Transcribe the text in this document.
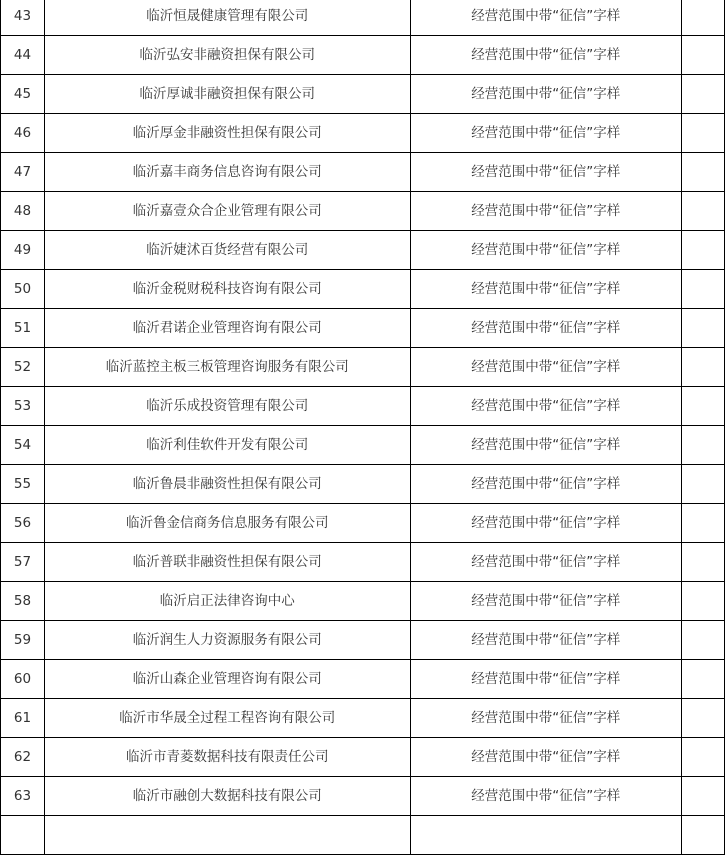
43	临沂恒晟健康管理有限公司	经营范围中带“征信”字样	
44	临沂弘安非融资担保有限公司	经营范围中带“征信”字样	
45	临沂厚诚非融资担保有限公司	经营范围中带“征信”字样	
46	临沂厚金非融资性担保有限公司	经营范围中带“征信”字样	
47	临沂嘉丰商务信息咨询有限公司	经营范围中带“征信”字样	
48	临沂嘉壹众合企业管理有限公司	经营范围中带“征信”字样	
49	临沂婕沭百货经营有限公司	经营范围中带“征信”字样	
50	临沂金税财税科技咨询有限公司	经营范围中带“征信”字样	
51	临沂君诺企业管理咨询有限公司	经营范围中带“征信”字样	
52	临沂蓝控主板三板管理咨询服务有限公司	经营范围中带“征信”字样	
53	临沂乐成投资管理有限公司	经营范围中带“征信”字样	
54	临沂利佳软件开发有限公司	经营范围中带“征信”字样	
55	临沂鲁晨非融资性担保有限公司	经营范围中带“征信”字样	
56	临沂鲁金信商务信息服务有限公司	经营范围中带“征信”字样	
57	临沂普联非融资性担保有限公司	经营范围中带“征信”字样	
58	临沂启正法律咨询中心	经营范围中带“征信”字样	
59	临沂润生人力资源服务有限公司	经营范围中带“征信”字样	
60	临沂山森企业管理咨询有限公司	经营范围中带“征信”字样	
61	临沂市华晟全过程工程咨询有限公司	经营范围中带“征信”字样	
62	临沂市青菱数据科技有限责任公司	经营范围中带“征信”字样	
63	临沂市融创大数据科技有限公司	经营范围中带“征信”字样	
